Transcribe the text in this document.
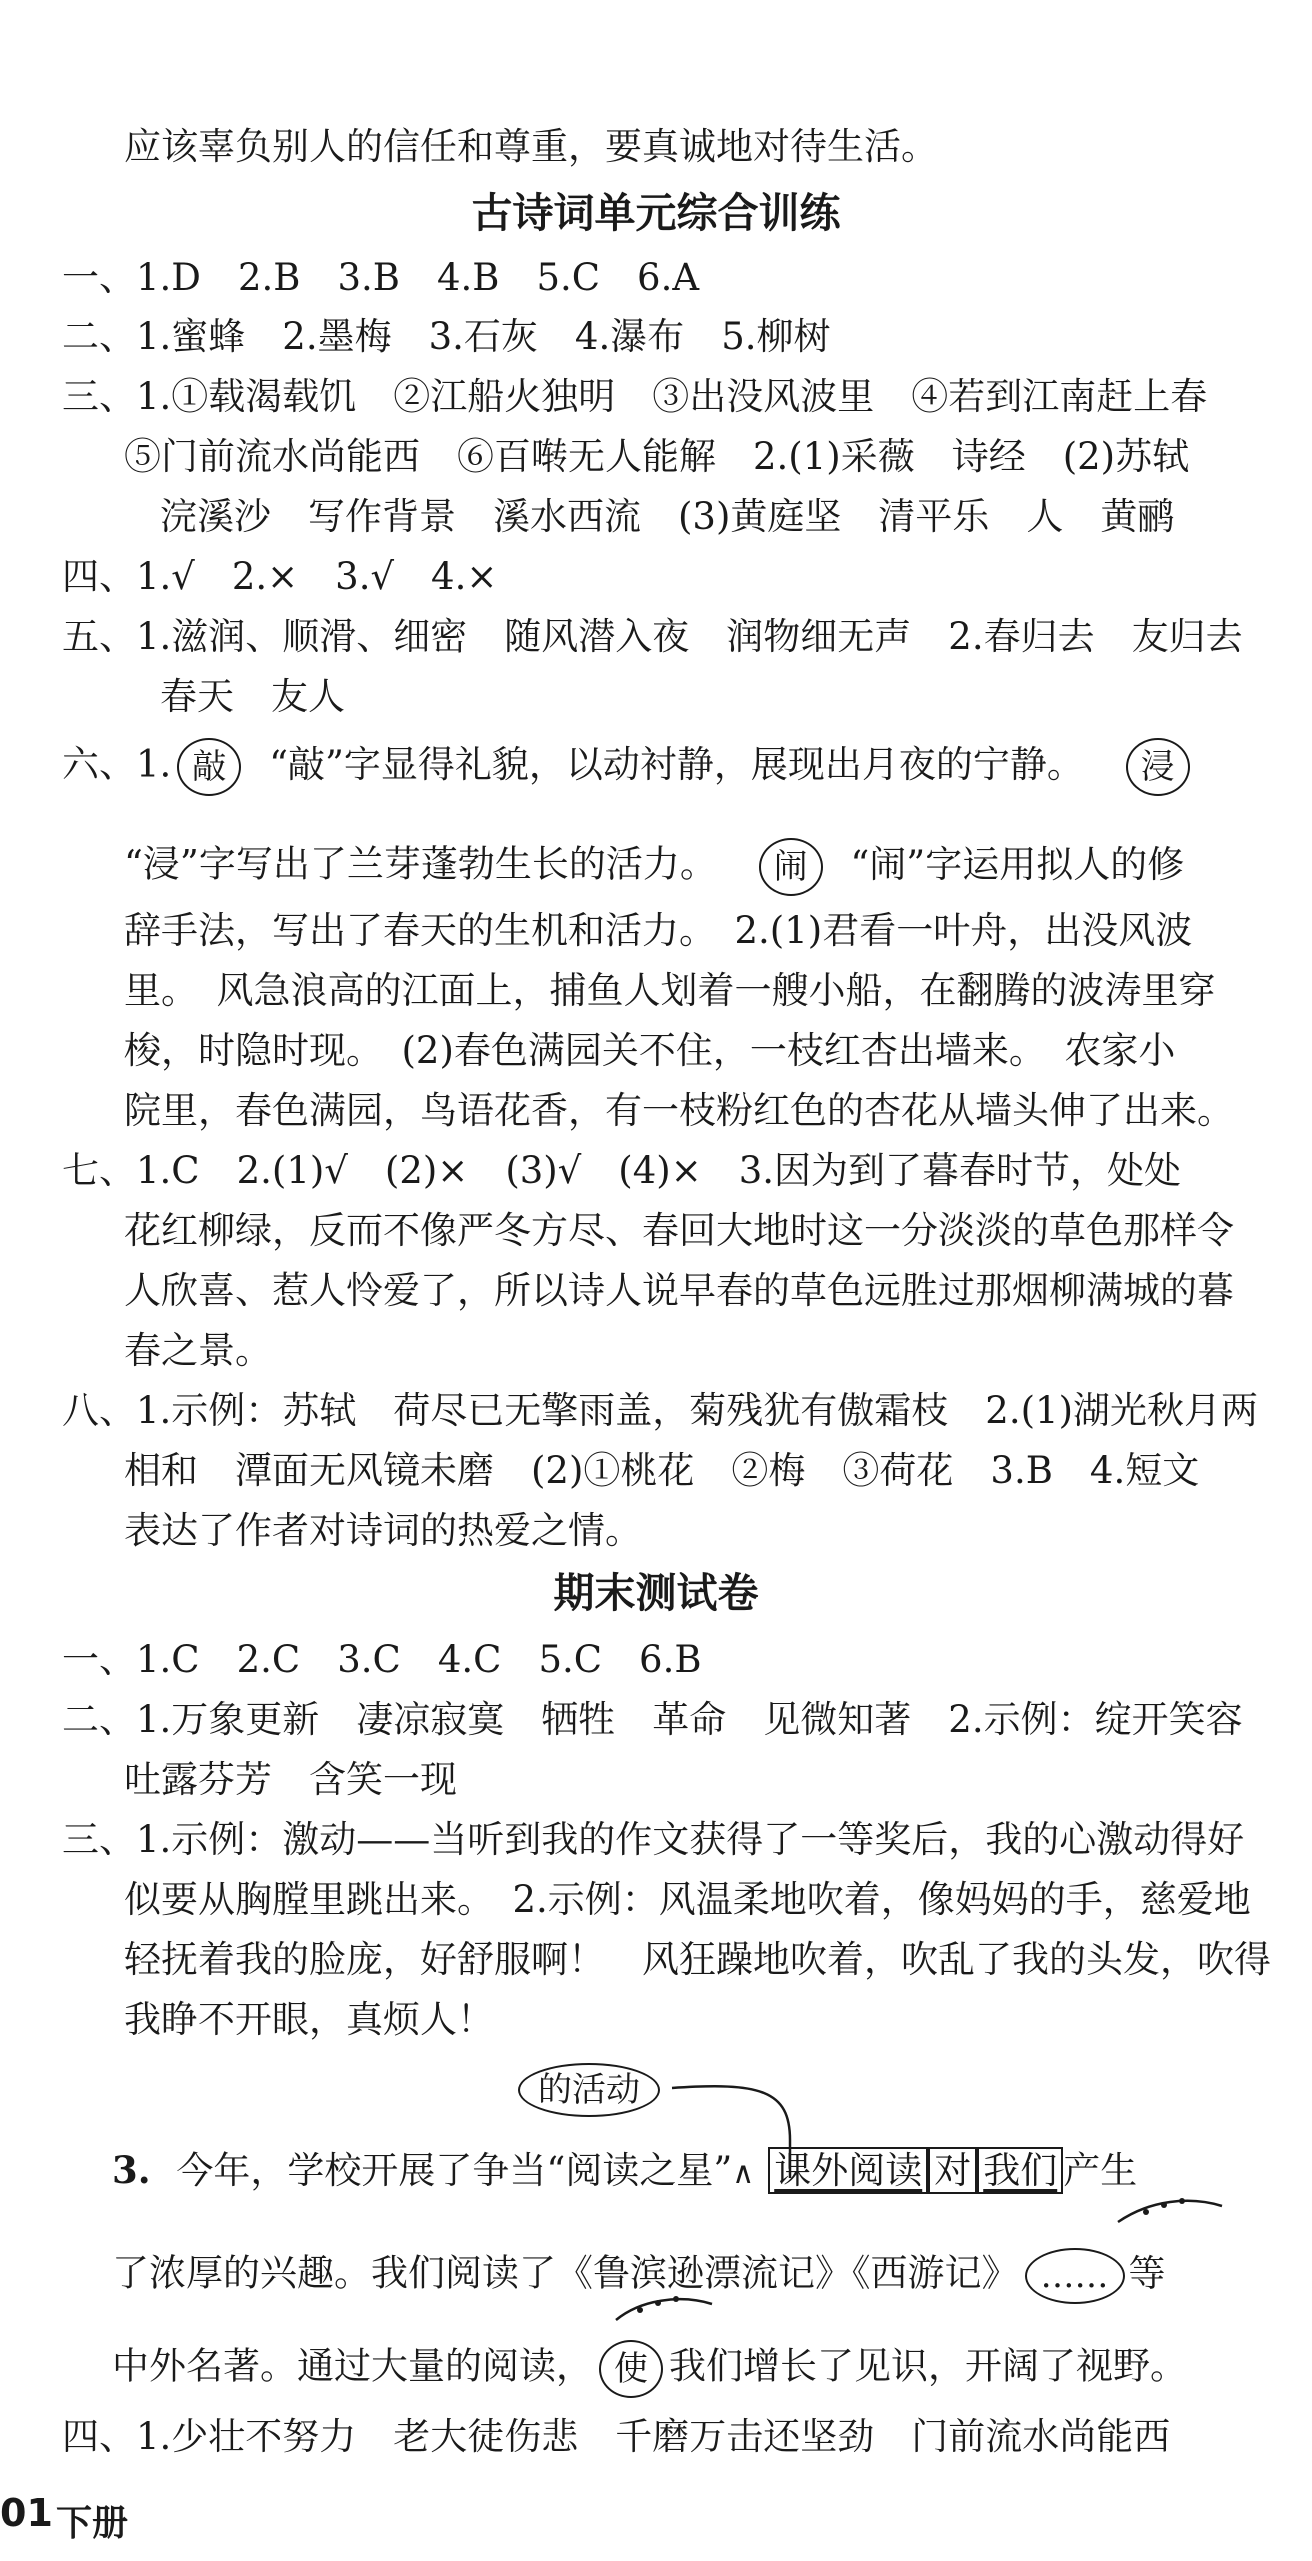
应该辜负别人的信任和尊重，要真诚地对待生活。
古诗词单元综合训练
一、1.D　2.B　3.B　4.B　5.C　6.A
二、1.蜜蜂　2.墨梅　3.石灰　4.瀑布　5.柳树
三、1.①载渴载饥　②江船火独明　③出没风波里　④若到江南赶上春
⑤门前流水尚能西　⑥百啭无人能解　2.(1)采薇　诗经　(2)苏轼
浣溪沙　写作背景　溪水西流　(3)黄庭坚　清平乐　人　黄鹂
四、1.√　2.×　3.√　4.×
五、1.滋润、顺滑、细密　随风潜入夜　润物细无声　2.春归去　友归去
春天　友人
六、1. 敲 “敲”字显得礼貌，以动衬静，展现出月夜的宁静。 浸
“浸”字写出了兰芽蓬勃生长的活力。 闹 “闹”字运用拟人的修
辞手法，写出了春天的生机和活力。　2.(1)君看一叶舟，出没风波
里。　风急浪高的江面上，捕鱼人划着一艘小船，在翻腾的波涛里穿
梭，时隐时现。　(2)春色满园关不住，一枝红杏出墙来。　农家小
院里，春色满园，鸟语花香，有一枝粉红色的杏花从墙头伸了出来。
七、1.C　2.(1)√　(2)×　(3)√　(4)×　3.因为到了暮春时节，处处
花红柳绿，反而不像严冬方尽、春回大地时这一分淡淡的草色那样令
人欣喜、惹人怜爱了，所以诗人说早春的草色远胜过那烟柳满城的暮
春之景。
八、1.示例：苏轼　荷尽已无擎雨盖，菊残犹有傲霜枝　2.(1)湖光秋月两
相和　潭面无风镜未磨　(2)①桃花　②梅　③荷花　3.B　4.短文
表达了作者对诗词的热爱之情。
期末测试卷
一、1.C　2.C　3.C　4.C　5.C　6.B
二、1.万象更新　凄凉寂寞　牺牲　革命　见微知著　2.示例：绽开笑容
吐露芬芳　含笑一现
三、1.示例：激动——当听到我的作文获得了一等奖后，我的心激动得好
似要从胸膛里跳出来。　2.示例：风温柔地吹着，像妈妈的手，慈爱地
轻抚着我的脸庞，好舒服啊！　风狂躁地吹着，吹乱了我的头发，吹得
我睁不开眼，真烦人！
的活动
3. 今年，学校开展了争当“阅读之星”∧ 课外阅读 对 我们 产生
了浓厚的兴趣。我们阅读了《鲁滨逊漂流记》《西游记》 …… 等
中外名著。通过大量的阅读， 使 我们增长了见识，开阔了视野。
四、1.少壮不努力　老大徒伤悲　千磨万击还坚劲　门前流水尚能西
01 下册
